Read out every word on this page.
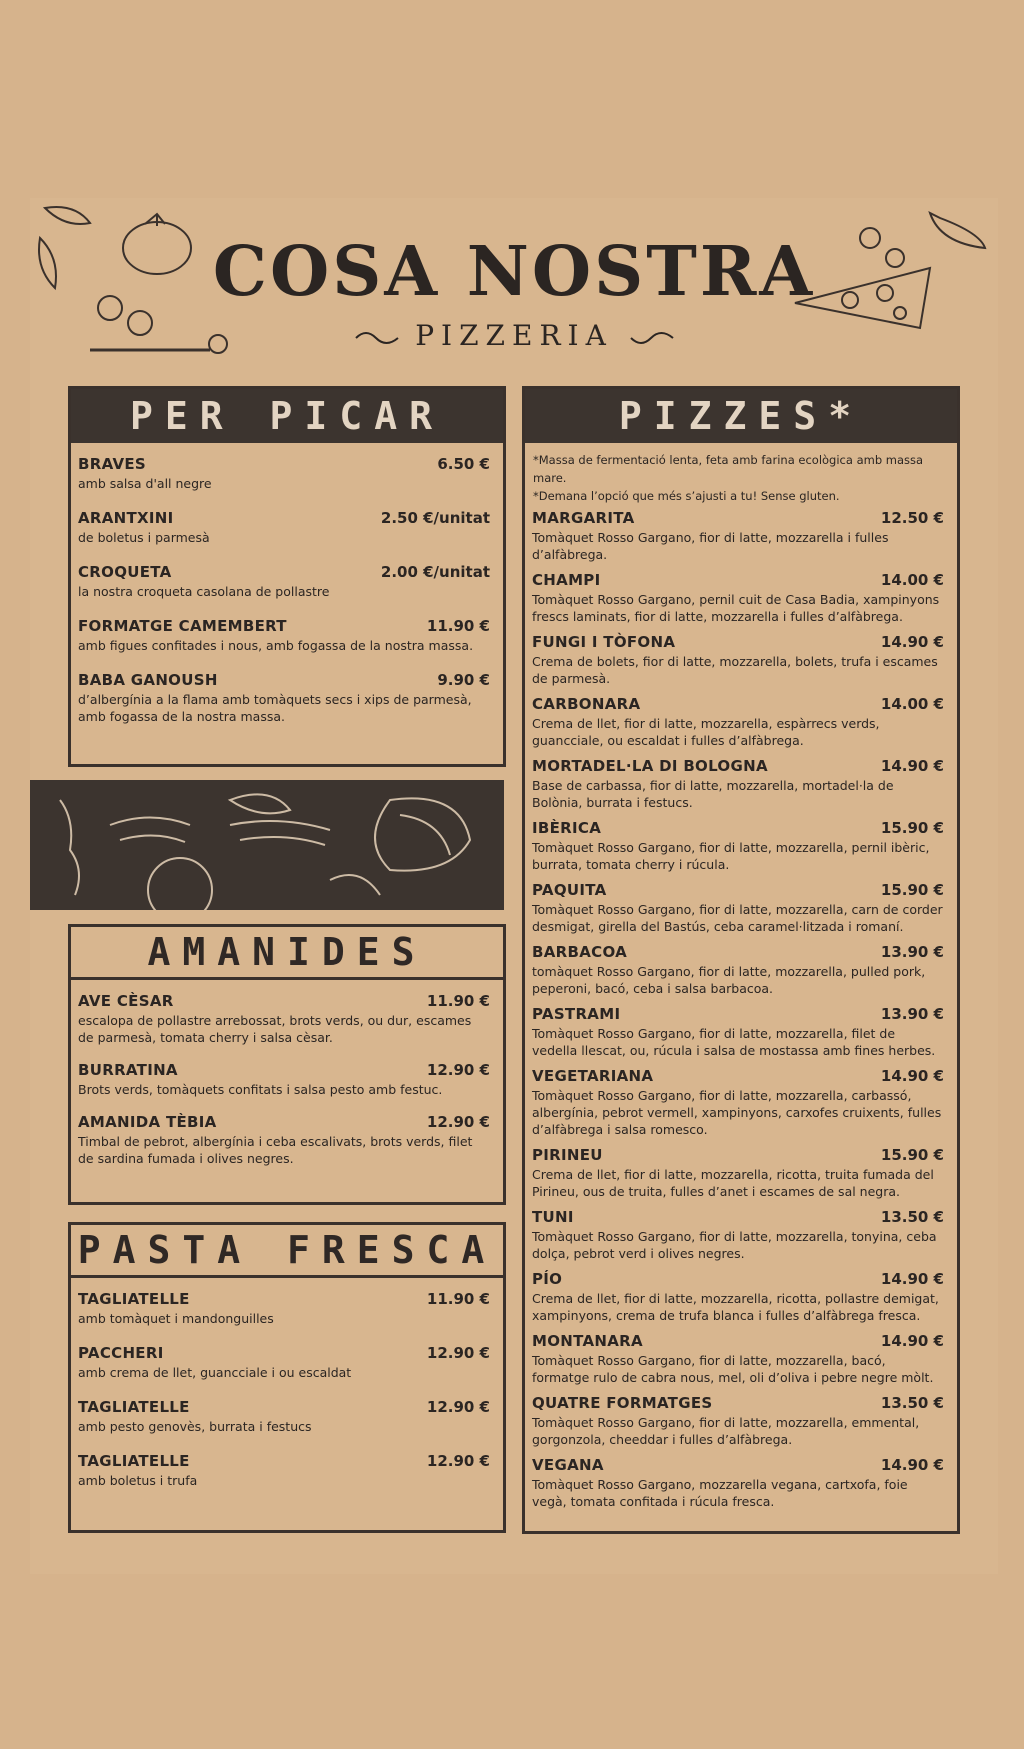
COSA NOSTRA
PIZZERIA
PER PICAR
BRAVES	6.50 €
amb salsa d'all negre
ARANTXINI	2.50 €/unitat
de boletus i parmesà
CROQUETA	2.00 €/unitat
la nostra croqueta casolana de pollastre
FORMATGE CAMEMBERT	11.90 €
amb figues confitades i nous, amb fogassa de la nostra massa.
BABA GANOUSH	9.90 €
d’albergínia a la flama amb tomàquets secs i xips de parmesà, amb fogassa de la nostra massa.
AMANIDES
AVE CÈSAR	11.90 €
escalopa de pollastre arrebossat, brots verds, ou dur, escames de parmesà, tomata cherry i salsa cèsar.
BURRATINA	12.90 €
Brots verds, tomàquets confitats i salsa pesto amb festuc.
AMANIDA TÈBIA	12.90 €
Timbal de pebrot, albergínia i ceba escalivats, brots verds, filet de sardina fumada i olives negres.
PASTA FRESCA
TAGLIATELLE	11.90 €
amb tomàquet i mandonguilles
PACCHERI	12.90 €
amb crema de llet, guancciale i ou escaldat
TAGLIATELLE	12.90 €
amb pesto genovès, burrata i festucs
TAGLIATELLE	12.90 €
amb boletus i trufa
PIZZES*
*Massa de fermentació lenta, feta amb farina ecològica amb massa mare.
*Demana l’opció que més s’ajusti a tu! Sense gluten.
MARGARITA	12.50 €
Tomàquet Rosso Gargano, fior di latte, mozzarella i fulles d’alfàbrega.
CHAMPI	14.00 €
Tomàquet Rosso Gargano, pernil cuit de Casa Badia, xampinyons frescs laminats, fior di latte, mozzarella i fulles d’alfàbrega.
FUNGI I TÒFONA	14.90 €
Crema de bolets, fior di latte, mozzarella, bolets, trufa i escames de parmesà.
CARBONARA	14.00 €
Crema de llet, fior di latte, mozzarella, espàrrecs verds, guancciale, ou escaldat i fulles d’alfàbrega.
MORTADEL·LA DI BOLOGNA	14.90 €
Base de carbassa, fior di latte, mozzarella, mortadel·la de Bolònia, burrata i festucs.
IBÈRICA	15.90 €
Tomàquet Rosso Gargano, fior di latte, mozzarella, pernil ibèric, burrata, tomata cherry i rúcula.
PAQUITA	15.90 €
Tomàquet Rosso Gargano, fior di latte, mozzarella, carn de corder desmigat, girella del Bastús, ceba caramel·litzada i romaní.
BARBACOA	13.90 €
tomàquet Rosso Gargano, fior di latte, mozzarella, pulled pork, peperoni, bacó, ceba i salsa barbacoa.
PASTRAMI	13.90 €
Tomàquet Rosso Gargano, fior di latte, mozzarella, filet de vedella llescat, ou, rúcula i salsa de mostassa amb fines herbes.
VEGETARIANA	14.90 €
Tomàquet Rosso Gargano, fior di latte, mozzarella, carbassó, albergínia, pebrot vermell, xampinyons, carxofes cruixents, fulles d’alfàbrega i salsa romesco.
PIRINEU	15.90 €
Crema de llet, fior di latte, mozzarella, ricotta, truita fumada del Pirineu, ous de truita, fulles d’anet i escames de sal negra.
TUNI	13.50 €
Tomàquet Rosso Gargano, fior di latte, mozzarella, tonyina, ceba dolça, pebrot verd i olives negres.
PÍO	14.90 €
Crema de llet, fior di latte, mozzarella, ricotta, pollastre demigat, xampinyons, crema de trufa blanca i fulles d’alfàbrega fresca.
MONTANARA	14.90 €
Tomàquet Rosso Gargano, fior di latte, mozzarella, bacó, formatge rulo de cabra nous, mel, oli d’oliva i pebre negre mòlt.
QUATRE FORMATGES	13.50 €
Tomàquet Rosso Gargano, fior di latte, mozzarella, emmental, gorgonzola, cheeddar i fulles d’alfàbrega.
VEGANA	14.90 €
Tomàquet Rosso Gargano, mozzarella vegana, cartxofa, foie vegà, tomata confitada i rúcula fresca.
